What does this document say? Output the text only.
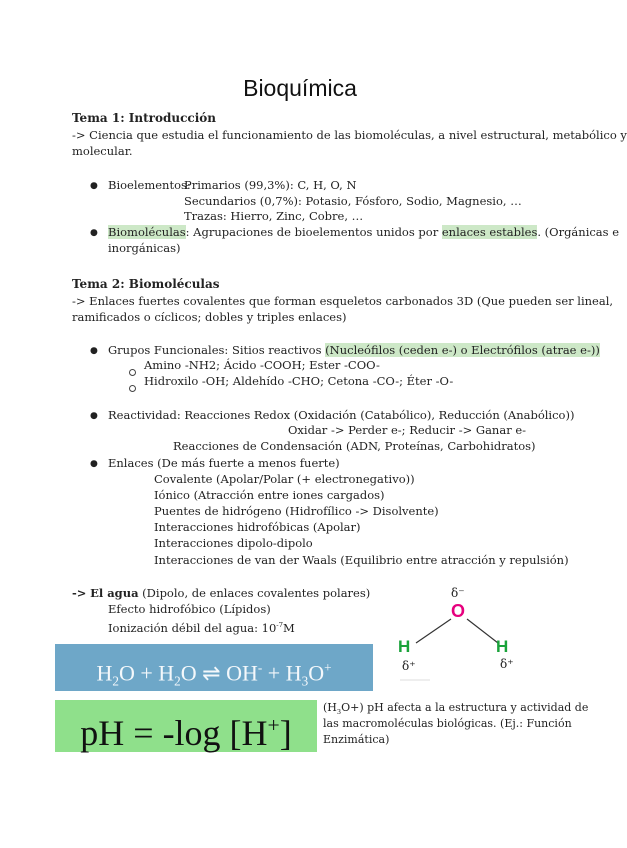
Bioquímica
Tema 1: Introducción
-> Ciencia que estudia el funcionamiento de las biomoléculas, a nivel estructural, metabólico y
molecular.
● Bioelementos:
Primarios (99,3%): C, H, O, N
Secundarios (0,7%): Potasio, Fósforo, Sodio, Magnesio, …
Trazas: Hierro, Zinc, Cobre, …
● Biomoléculas: Agrupaciones de bioelementos unidos por enlaces estables. (Orgánicas e
inorgánicas)
Tema 2: Biomoléculas
-> Enlaces fuertes covalentes que forman esqueletos carbonados 3D (Que pueden ser lineal,
ramificados o cíclicos; dobles y triples enlaces)
● Grupos Funcionales: Sitios reactivos (Nucleófilos (ceden e-) o Electrófilos (atrae e-))
Amino -NH2; Ácido -COOH; Ester -COO-
Hidroxilo -OH; Aldehído -CHO; Cetona -CO-; Éter -O-
● Reactividad: Reacciones Redox (Oxidación (Catabólico), Reducción (Anabólico))
Oxidar -> Perder e-; Reducir -> Ganar e-
Reacciones de Condensación (ADN, Proteínas, Carbohidratos)
● Enlaces (De más fuerte a menos fuerte)
Covalente (Apolar/Polar (+ electronegativo))
Iónico (Atracción entre iones cargados)
Puentes de hidrógeno (Hidrofílico -> Disolvente)
Interacciones hidrofóbicas (Apolar)
Interacciones dipolo-dipolo
Interacciones de van der Waals (Equilibrio entre atracción y repulsión)
-> El agua (Dipolo, de enlaces covalentes polares)
Efecto hidrofóbico (Lípidos)
Ionización débil del agua: $10^{-7}M$
δ⁻
O
H	H
δ⁺	δ⁺
$H_2O + H_2O$ ⇌ $OH^- + H_3O^+$
pH = -log [H+]
$(H_3O+)$ pH afecta a la estructura y actividad de
las macromoléculas biológicas. (Ej.: Función
Enzimática)
